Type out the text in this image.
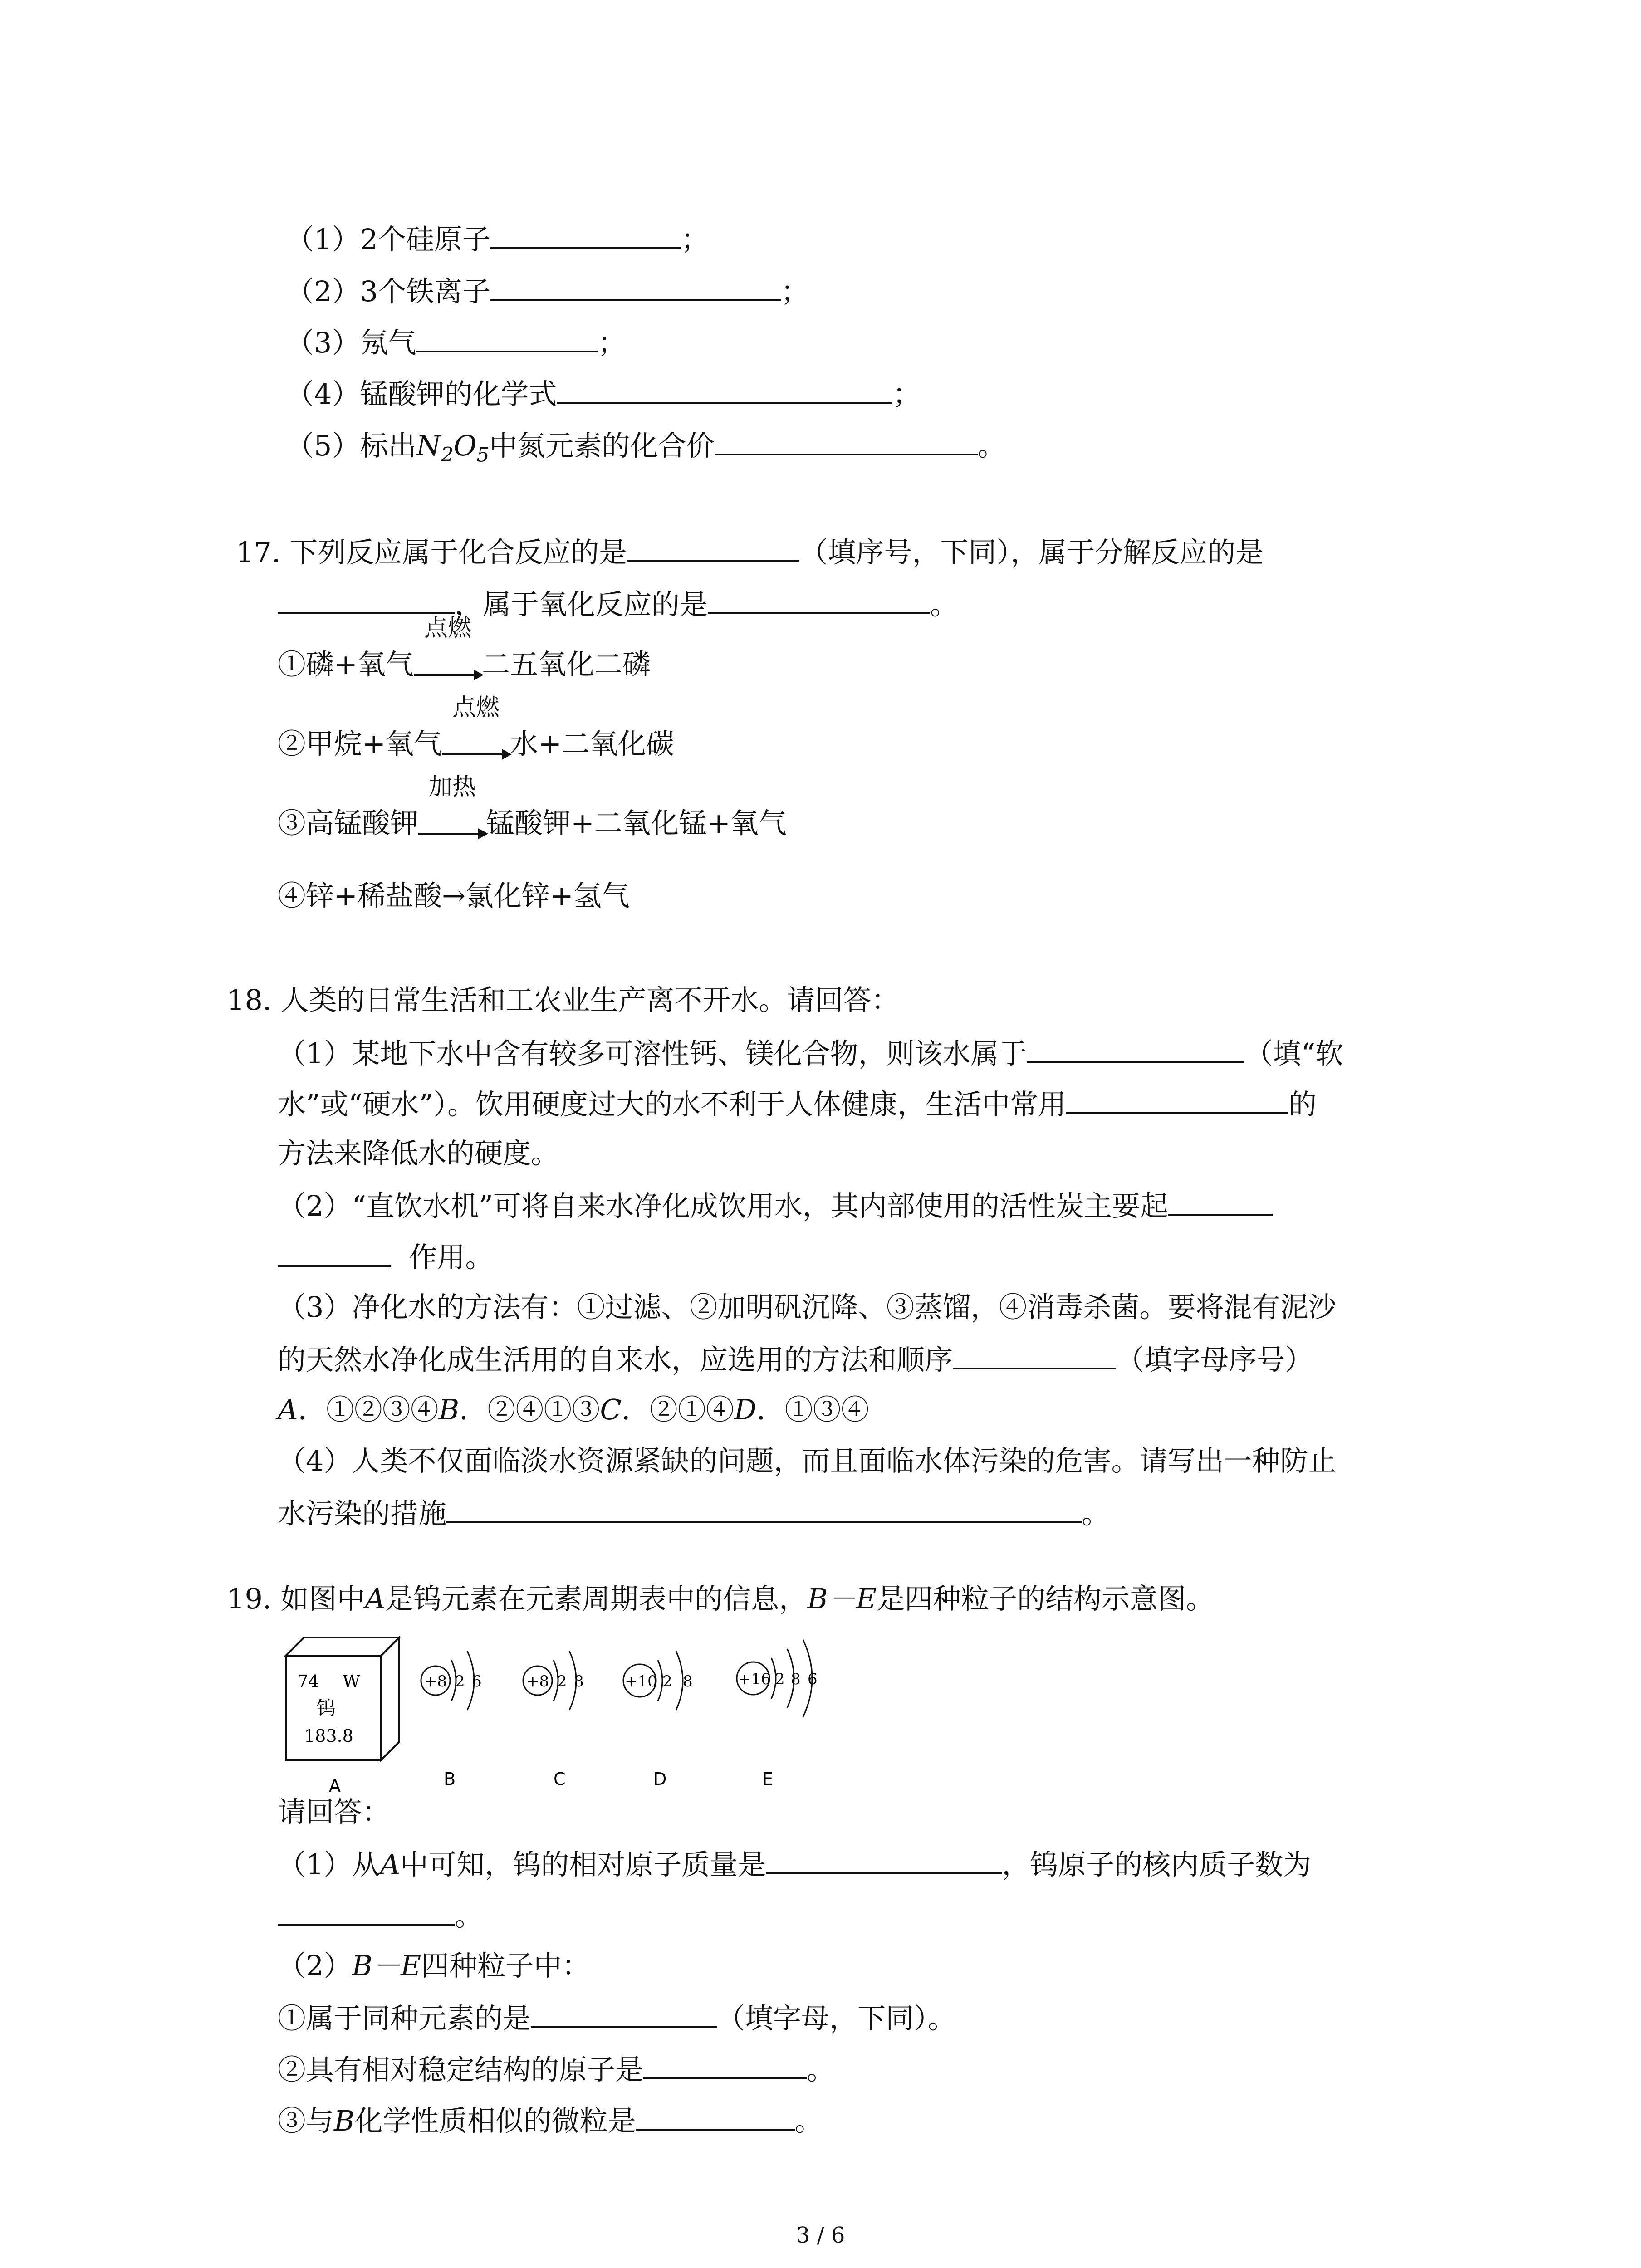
（1）2个硅原子	；
（2）3个铁离子	；
（3）氖气	；
（4）锰酸钾的化学式	；
（5）标出$N_2O_5$中氮元素的化合价	。
17. 下列反应属于化合反应的是	（填序号，下同），属于分解反应的是
，属于氧化反应的是	。
①磷+氧气
点燃
二五氧化二磷
②甲烷+氧气
点燃
水+二氧化碳
③高锰酸钾
加热
锰酸钾+二氧化锰+氧气
④锌+稀盐酸→氯化锌+氢气
18. 人类的日常生活和工农业生产离不开水。请回答：
（1）某地下水中含有较多可溶性钙、镁化合物，则该水属于	（填“软
水”或“硬水”）。饮用硬度过大的水不利于人体健康，生活中常用	的
方法来降低水的硬度。
（2）“直饮水机”可将自来水净化成饮用水，其内部使用的活性炭主要起
作用。
（3）净化水的方法有：①过滤、②加明矾沉降、③蒸馏，④消毒杀菌。要将混有泥沙
的天然水净化成生活用的自来水，应选用的方法和顺序	（填字母序号）
A．①②③④B．②④①③C．②①④D．①③④
（4）人类不仅面临淡水资源紧缺的问题，而且面临水体污染的危害。请写出一种防止
水污染的措施	。
19. 如图中A是钨元素在元素周期表中的信息，B－E是四种粒子的结构示意图。
74 W
钨
183.8
A
+8 2 6
B
+8 2 8
C
+10 2 8
D
+16 2 8 6
E
请回答：
（1）从A中可知，钨的相对原子质量是	，钨原子的核内质子数为
。
（2）B－E四种粒子中：
①属于同种元素的是	（填字母，下同）。
②具有相对稳定结构的原子是	。
③与B化学性质相似的微粒是	。
3 / 6
